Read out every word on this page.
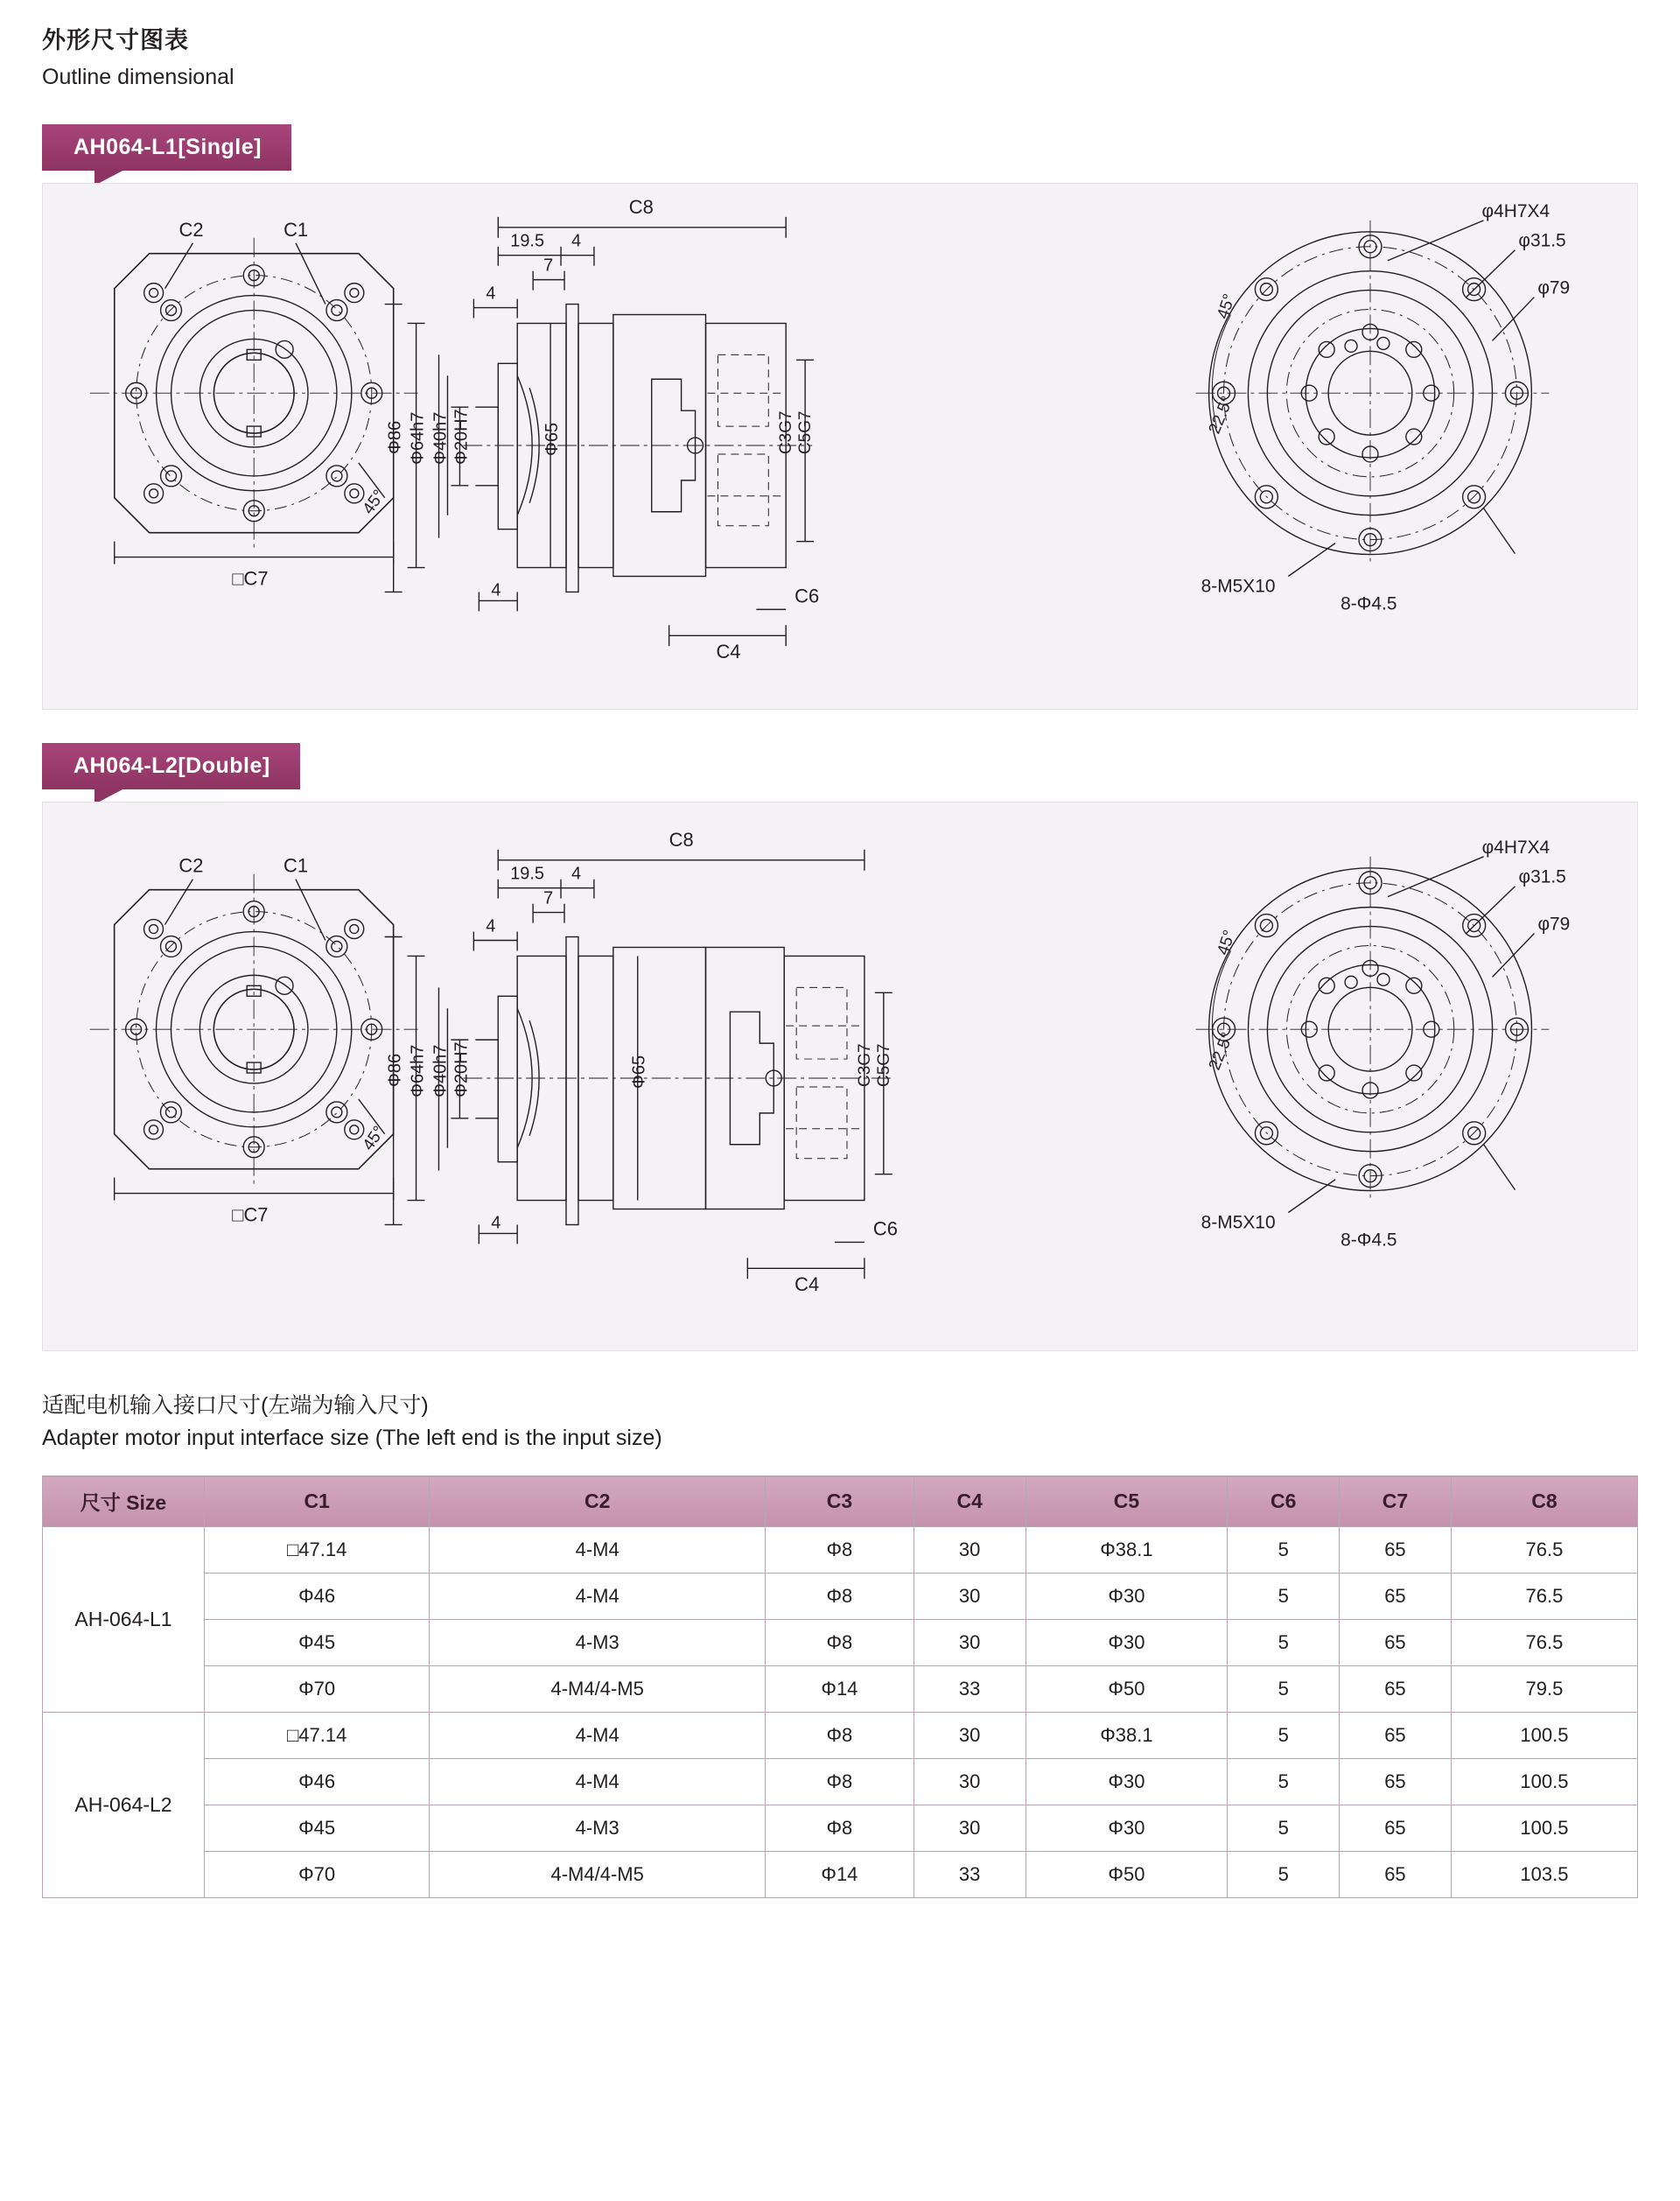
外形尺寸图表
Outline dimensional
AH064-L1[Single]
C2	C1
45°
□C7
C8
19.5 4
7
4
Φ86 Φ64h7 Φ40h7 Φ20H7	Φ65	C3G7 C5G7
4
C4
C6
φ4H7X4
φ31.5
φ79
45°
22.5°
8-M5X10
8-Φ4.5
AH064-L2[Double]
C2	C1
45°
□C7
C8
19.5 4
7
4
Φ86 Φ64h7 Φ40h7 Φ20H7	Φ65	C3G7 C5G7
4
C4
C6
φ4H7X4
φ31.5
φ79
45°
22.5°
8-M5X10
8-Φ4.5
适配电机输入接口尺寸(左端为输入尺寸)
Adapter motor input interface size (The left end is the input size)
尺寸 Size	C1	C2	C3	C4	C5	C6	C7	C8
AH-064-L1	□47.14	4-M4	Φ8	30	Φ38.1	5	65	76.5
	Φ46	4-M4	Φ8	30	Φ30	5	65	76.5
	Φ45	4-M3	Φ8	30	Φ30	5	65	76.5
	Φ70	4-M4/4-M5	Φ14	33	Φ50	5	65	79.5
AH-064-L2	□47.14	4-M4	Φ8	30	Φ38.1	5	65	100.5
	Φ46	4-M4	Φ8	30	Φ30	5	65	100.5
	Φ45	4-M3	Φ8	30	Φ30	5	65	100.5
	Φ70	4-M4/4-M5	Φ14	33	Φ50	5	65	103.5
